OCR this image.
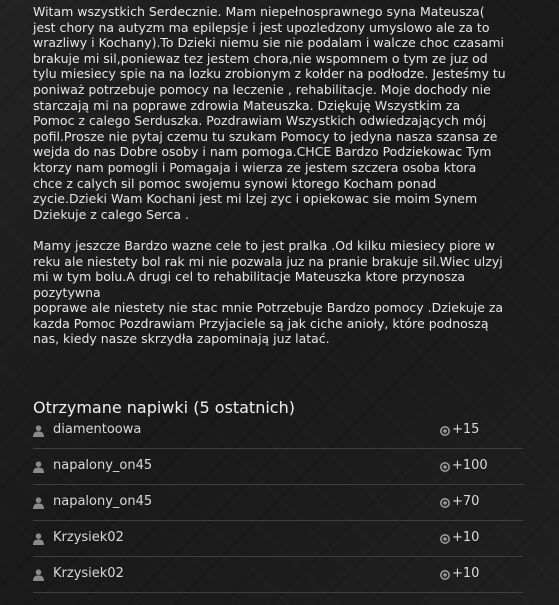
Witam wszystkich Serdecznie. Mam niepełnosprawnego syna Mateusza(
jest chory na autyzm ma epilepsje i jest upozledzony umyslowo ale za to
wrazliwy i Kochany).To Dzieki niemu sie nie podalam i walcze choc czasami
brakuje mi sil,poniewaz tez jestem chora,nie wspomnem o tym ze juz od
tylu miesiecy spie na na lozku zrobionym z kołder na podłodze. Jesteśmy tu
poniważ potrzebuje pomocy na leczenie , rehabilitacje. Moje dochody nie
starczają mi na poprawe zdrowia Mateuszka. Dziękuję Wszystkim za
Pomoc z calego Serduszka. Pozdrawiam Wszystkich odwiedzających mój
pofil.Prosze nie pytaj czemu tu szukam Pomocy to jedyna nasza szansa ze
wejda do nas Dobre osoby i nam pomoga.CHCE Bardzo Podziekowac Tym
ktorzy nam pomogli i Pomagaja i wierza ze jestem szczera osoba ktora
chce z calych sil pomoc swojemu synowi ktorego Kocham ponad
zycie.Dzieki Wam Kochani jest mi lzej zyc i opiekowac sie moim Synem
Dziekuje z calego Serca .

Mamy jeszcze Bardzo wazne cele to jest pralka .Od kilku miesiecy piore w
reku ale niestety bol rak mi nie pozwala juz na pranie brakuje sil.Wiec ulzyj
mi w tym bolu.A drugi cel to rehabilitacje Mateuszka ktore przynosza
pozytywna
poprawe ale niestety nie stac mnie Potrzebuje Bardzo pomocy .Dziekuje za
kazda Pomoc Pozdrawiam Przyjaciele są jak ciche anioły, które podnoszą
nas, kiedy nasze skrzydła zapominają juz latać.

Otrzymane napiwki (5 ostatnich)
diamentoowa	+15
napalony_on45	+100
napalony_on45	+70
Krzysiek02	+10
Krzysiek02	+10
